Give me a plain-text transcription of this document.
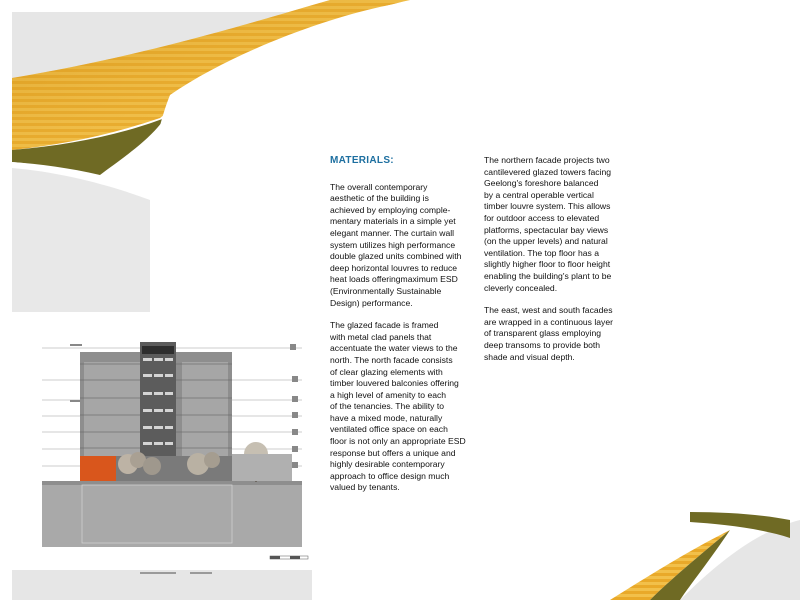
MATERIALS:

The overall contemporary
aesthetic of the building is
achieved by employing comple-
mentary materials in a simple yet
elegant manner. The curtain wall
system utilizes high performance
double glazed units combined with
deep horizontal louvres to reduce
heat loads offeringmaximum ESD
(Environmentally Sustainable
Design) performance.

The glazed facade is framed
with metal clad panels that
accentuate the water views to the
north. The north facade consists
of clear glazing elements with
timber louvered balconies offering
a high level of amenity to each
of the tenancies. The ability to
have a mixed mode, naturally
ventilated office space on each
floor is not only an appropriate ESD
response but offers a unique and
highly desirable contemporary
approach to office design much
valued by tenants.

The northern facade projects two
cantilevered glazed towers facing
Geelong's foreshore balanced
by a central operable vertical
timber louvre system. This allows
for outdoor access to elevated
platforms, spectacular bay views
(on the upper levels) and natural
ventilation. The top floor has a
slightly higher floor to floor height
enabling the building's plant to be
cleverly concealed.

The east, west and south facades
are wrapped in a continuous layer
of transparent glass employing
deep transoms to provide both
shade and visual depth.
